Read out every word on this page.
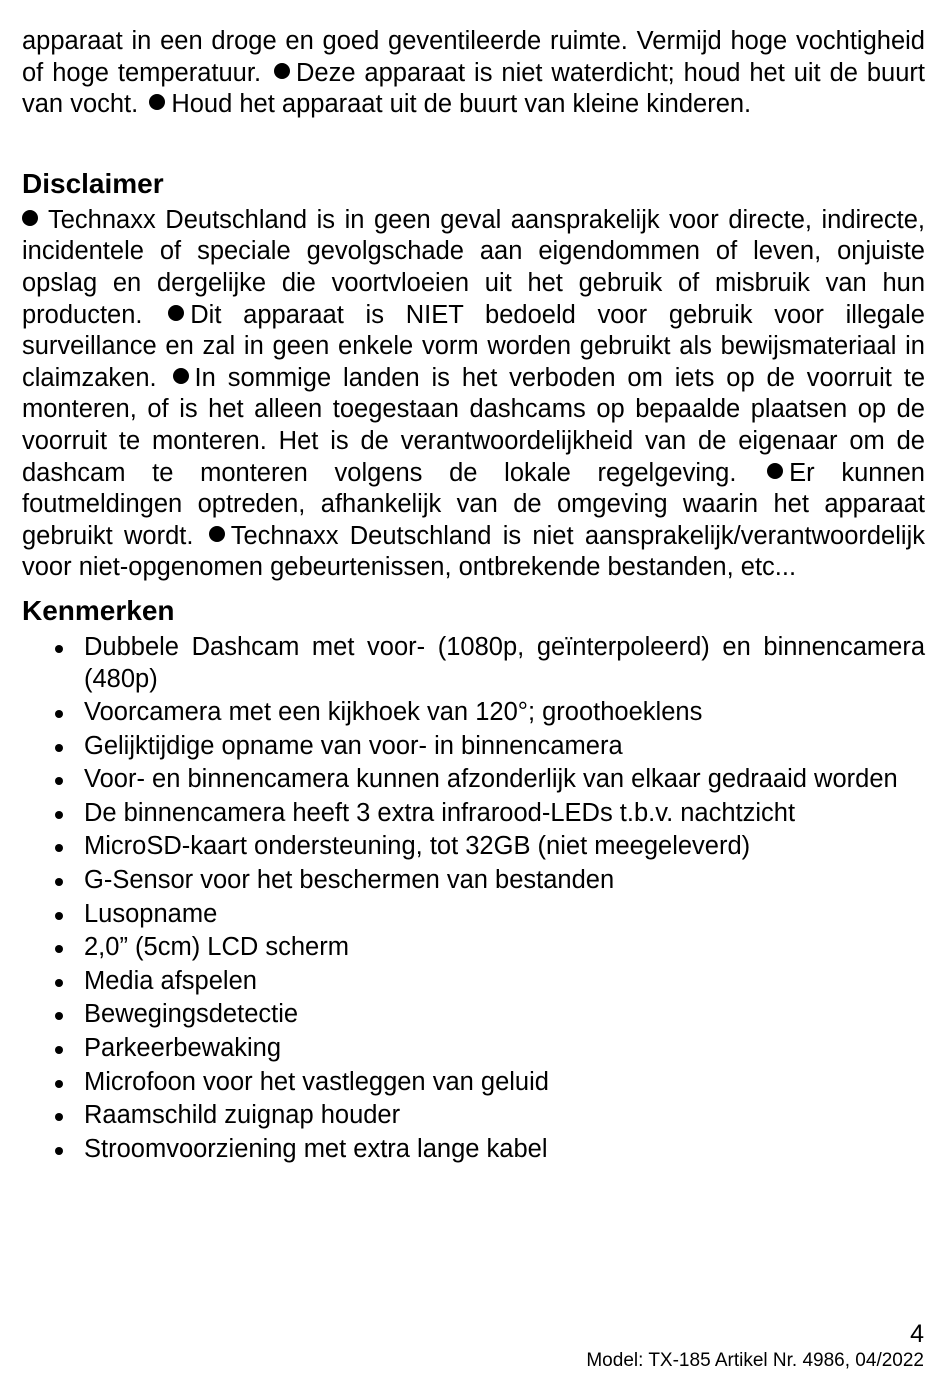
apparaat in een droge en goed geventileerde ruimte. Vermijd hoge vochtigheid of hoge temperatuur. Deze apparaat is niet waterdicht; houd het uit de buurt van vocht. Houd het apparaat uit de buurt van kleine kinderen.

Disclaimer

Technaxx Deutschland is in geen geval aansprakelijk voor directe, indirecte, incidentele of speciale gevolgschade aan eigendommen of leven, onjuiste opslag en dergelijke die voortvloeien uit het gebruik of misbruik van hun producten. Dit apparaat is NIET bedoeld voor gebruik voor illegale surveillance en zal in geen enkele vorm worden gebruikt als bewijsmateriaal in claimzaken. In sommige landen is het verboden om iets op de voorruit te monteren, of is het alleen toegestaan dashcams op bepaalde plaatsen op de voorruit te monteren. Het is de verantwoordelijkheid van de eigenaar om de dashcam te monteren volgens de lokale regelgeving. Er kunnen foutmeldingen optreden, afhankelijk van de omgeving waarin het apparaat gebruikt wordt. Technaxx Deutschland is niet aansprakelijk/verantwoordelijk voor niet-opgenomen gebeurtenissen, ontbrekende bestanden, etc...

Kenmerken
Dubbele Dashcam met voor- (1080p, geïnterpoleerd) en binnencamera (480p)
Voorcamera met een kijkhoek van 120°; groothoeklens
Gelijktijdige opname van voor- in binnencamera
Voor- en binnencamera kunnen afzonderlijk van elkaar gedraaid worden
De binnencamera heeft 3 extra infrarood-LEDs t.b.v. nachtzicht
MicroSD-kaart ondersteuning, tot 32GB (niet meegeleverd)
G-Sensor voor het beschermen van bestanden
Lusopname
2,0” (5cm) LCD scherm
Media afspelen
Bewegingsdetectie
Parkeerbewaking
Microfoon voor het vastleggen van geluid
Raamschild zuignap houder
Stroomvoorziening met extra lange kabel
4
Model: TX-185 Artikel Nr. 4986, 04/2022
